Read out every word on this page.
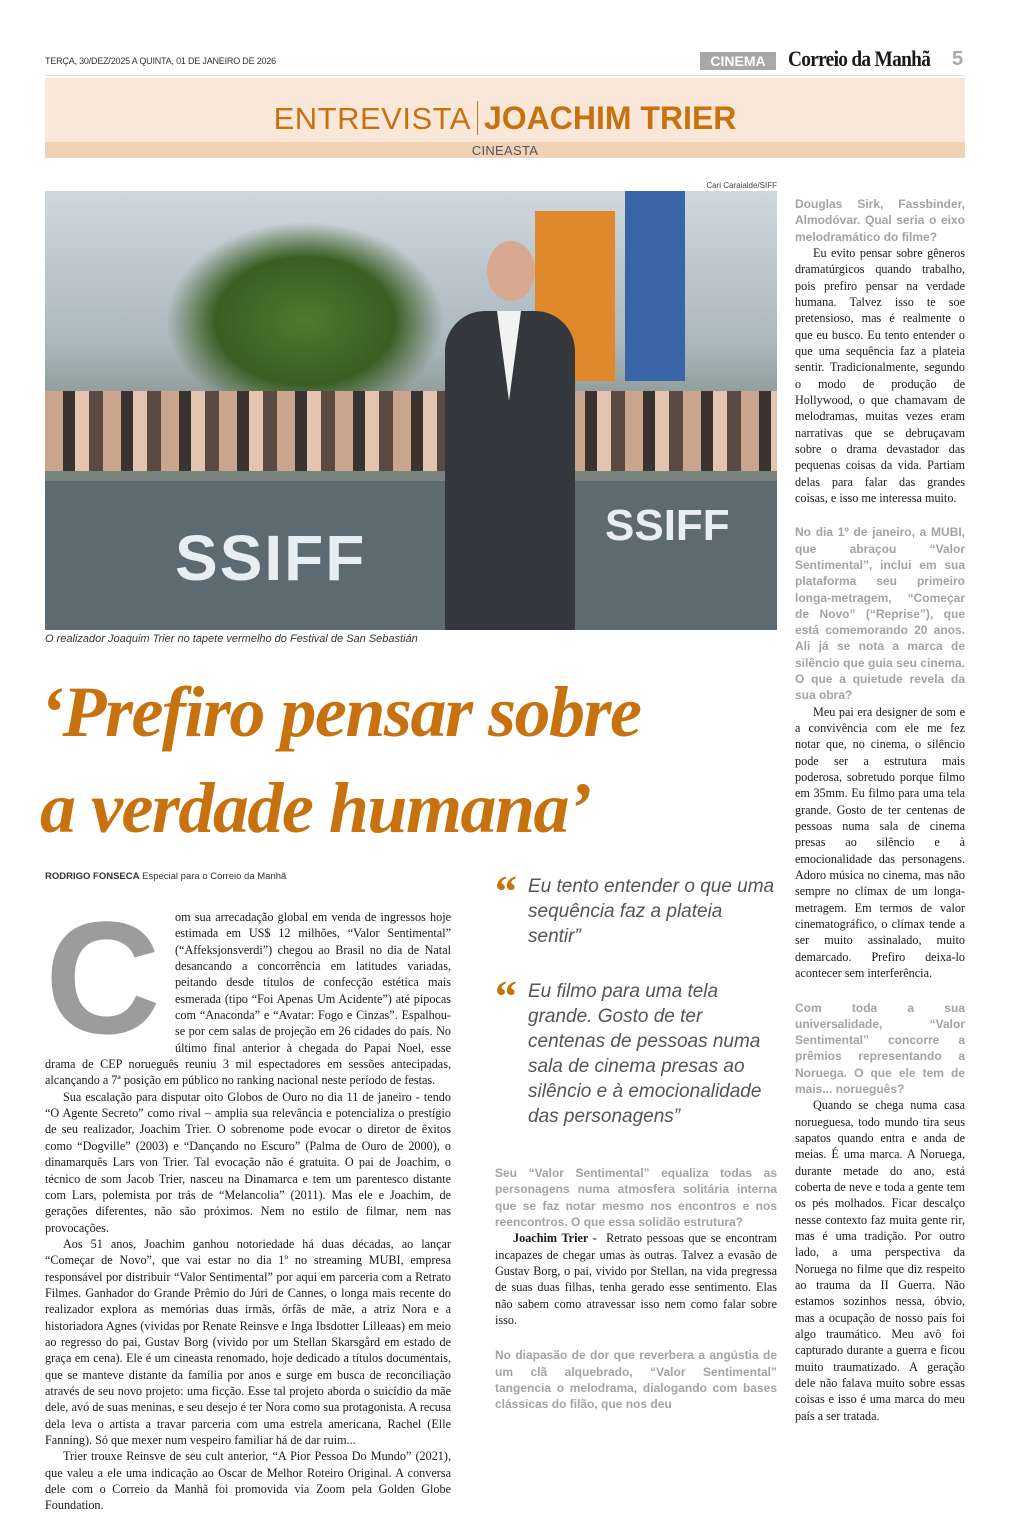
TERÇA, 30/DEZ/2025 A QUINTA, 01 DE JANEIRO DE 2026	CINEMA	Correio da Manhã 5
ENTREVISTA JOACHIM TRIER
CINEASTA
Cari Caraialde/SIFF
SSIFF	SSIFF
O realizador Joaquim Trier no tapete vermelho do Festival de San Sebastián
‘Prefiro pensar sobre
a verdade humana’
RODRIGO FONSECA Especial para o Correio da Manhã
C	om sua arrecadação global em venda de ingressos hoje estimada em US$ 12 milhões, “Valor Sentimental” (“Affeksjonsverdi”) chegou ao Brasil no dia de Natal desancando a concorrência em latitudes variadas, peitando desde títulos de confecção estética mais esmerada (tipo “Foi Apenas Um Acidente”) até pipocas com “Anaconda” e “Avatar: Fogo e Cinzas”. Espalhou-se por cem salas de projeção em 26 cidades do país. No último final anterior à chegada do Papai Noel, esse drama de CEP norueguês reuniu 3 mil espectadores em sessões antecipadas, alcançando a 7ª posição em público no ranking nacional neste período de festas.

Sua escalação para disputar oito Globos de Ouro no dia 11 de janeiro - tendo “O Agente Secreto” como rival – amplia sua relevância e potencializa o prestígio de seu realizador, Joachim Trier. O sobrenome pode evocar o diretor de êxitos como “Dogville” (2003) e “Dançando no Escuro” (Palma de Ouro de 2000), o dinamarquês Lars von Trier. Tal evocação não é gratuita. O pai de Joachim, o técnico de som Jacob Trier, nasceu na Dinamarca e tem um parentesco distante com Lars, polemista por trás de “Melancolia” (2011). Mas ele e Joachim, de gerações diferentes, não são próximos. Nem no estilo de filmar, nem nas provocações.

Aos 51 anos, Joachim ganhou notoriedade há duas décadas, ao lançar “Começar de Novo”, que vai estar no dia 1º no streaming MUBI, empresa responsável por distribuir “Valor Sentimental” por aqui em parceria com a Retrato Filmes. Ganhador do Grande Prêmio do Júri de Cannes, o longa mais recente do realizador explora as memórias duas irmãs, órfãs de mãe, a atriz Nora e a historiadora Agnes (vividas por Renate Reinsve e Inga Ibsdotter Lilleaas) em meio ao regresso do pai, Gustav Borg (vivido por um Stellan Skarsgård em estado de graça em cena). Ele é um cineasta renomado, hoje dedicado a títulos documentais, que se manteve distante da família por anos e surge em busca de reconciliação através de seu novo projeto: uma ficção. Esse tal projeto aborda o suicídio da mãe dele, avó de suas meninas, e seu desejo é ter Nora como sua protagonista. A recusa dela leva o artista a travar parceria com uma estrela americana, Rachel (Elle Fanning). Só que mexer num vespeiro familiar há de dar ruim...

Trier trouxe Reinsve de seu cult anterior, “A Pior Pessoa Do Mundo” (2021), que valeu a ele uma indicação ao Oscar de Melhor Roteiro Original. A conversa dele com o Correio da Manhã foi promovida via Zoom pela Golden Globe Foundation.

“ Eu tento entender o que uma sequência faz a plateia sentir”
“ Eu filmo para uma tela grande. Gosto de ter centenas de pessoas numa sala de cinema presas ao silêncio e à emocionalidade das personagens”
Seu “Valor Sentimental” equaliza todas as personagens numa atmosfera solitária interna que se faz notar mesmo nos encontros e nos reencontros. O que essa solidão estrutura?

Joachim Trier - Retrato pessoas que se encontram incapazes de chegar umas às outras. Talvez a evasão de Gustav Borg, o pai, vivido por Stellan, na vida pregressa de suas duas filhas, tenha gerado esse sentimento. Elas não sabem como atravessar isso nem como falar sobre isso.

No diapasão de dor que reverbera a angústia de um clã alquebrado, “Valor Sentimental” tangencia o melodrama, dialogando com bases clássicas do filão, que nos deu
Douglas Sirk, Fassbinder, Almodóvar. Qual seria o eixo melodramático do filme?

Eu evito pensar sobre gêneros dramatúrgicos quando trabalho, pois prefiro pensar na verdade humana. Talvez isso te soe pretensioso, mas é realmente o que eu busco. Eu tento entender o que uma sequência faz a plateia sentir. Tradicionalmente, segundo o modo de produção de Hollywood, o que chamavam de melodramas, muitas vezes eram narrativas que se debruçavam sobre o drama devastador das pequenas coisas da vida. Partiam delas para falar das grandes coisas, e isso me interessa muito.

No dia 1º de janeiro, a MUBI, que abraçou “Valor Sentimental”, inclui em sua plataforma seu primeiro longa-metragem, “Começar de Novo” (“Reprise”), que está comemorando 20 anos. Ali já se nota a marca de silêncio que guia seu cinema. O que a quietude revela da sua obra?

Meu pai era designer de som e a convivência com ele me fez notar que, no cinema, o silêncio pode ser a estrutura mais poderosa, sobretudo porque filmo em 35mm. Eu filmo para uma tela grande. Gosto de ter centenas de pessoas numa sala de cinema presas ao silêncio e à emocionalidade das personagens. Adoro música no cinema, mas não sempre no clímax de um longa-metragem. Em termos de valor cinematográfico, o clímax tende a ser muito assinalado, muito demarcado. Prefiro deixa-lo acontecer sem interferência.

Com toda a sua universalidade, “Valor Sentimental” concorre a prêmios representando a Noruega. O que ele tem de mais... norueguês?

Quando se chega numa casa norueguesa, todo mundo tira seus sapatos quando entra e anda de meias. É uma marca. A Noruega, durante metade do ano, está coberta de neve e toda a gente tem os pés molhados. Ficar descalço nesse contexto faz muita gente rir, mas é uma tradição. Por outro lado, a uma perspectiva da Noruega no filme que diz respeito ao trauma da II Guerra. Não estamos sozinhos nessa, óbvio, mas a ocupação de nosso país foi algo traumático. Meu avô foi capturado durante a guerra e ficou muito traumatizado. A geração dele não falava muito sobre essas coisas e isso é uma marca do meu país a ser tratada.
